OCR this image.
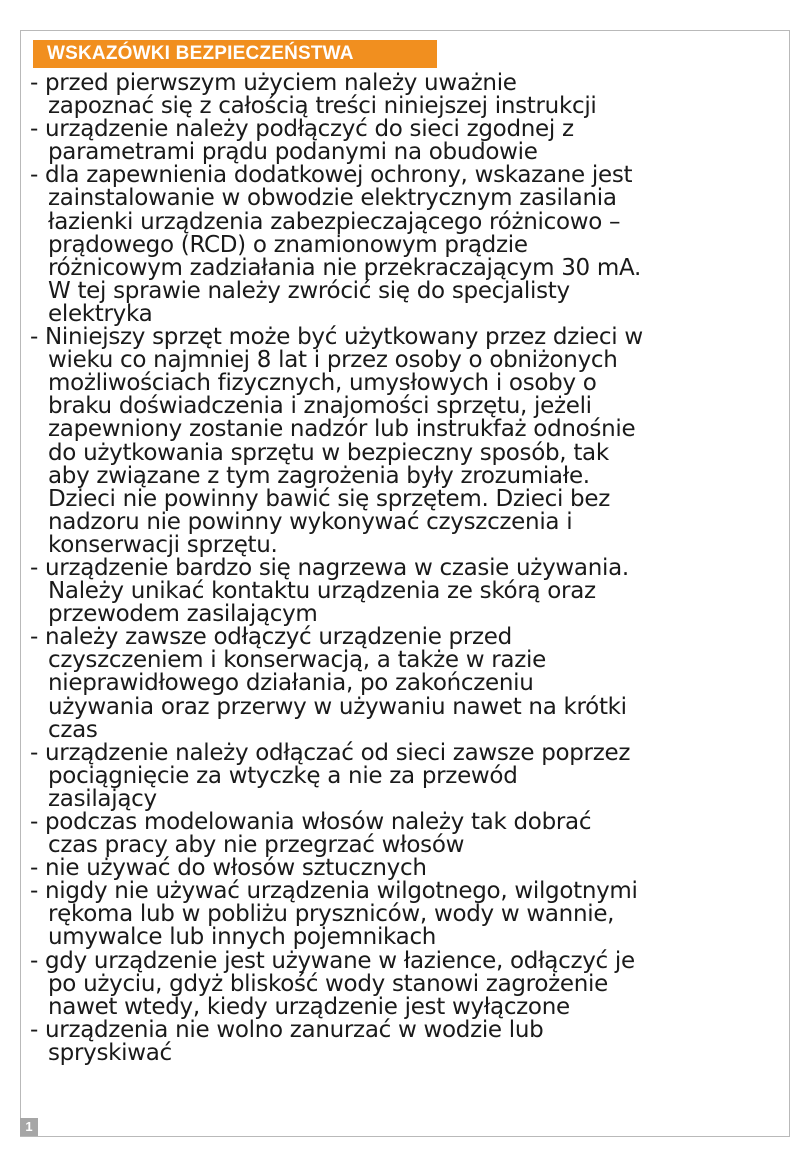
WSKAZÓWKI BEZPIECZEŃSTWA
- przed pierwszym użyciem należy uważnie
zapoznać się z całością treści niniejszej instrukcji
- urządzenie należy podłączyć do sieci zgodnej z
parametrami prądu podanymi na obudowie
- dla zapewnienia dodatkowej ochrony, wskazane jest
zainstalowanie w obwodzie elektrycznym zasilania
łazienki urządzenia zabezpieczającego różnicowo –
prądowego (RCD) o znamionowym prądzie
różnicowym zadziałania nie przekraczającym 30 mA.
W tej sprawie należy zwrócić się do specjalisty
elektryka
- Niniejszy sprzęt może być użytkowany przez dzieci w
wieku co najmniej 8 lat i przez osoby o obniżonych
możliwościach fizycznych, umysłowych i osoby o
braku doświadczenia i znajomości sprzętu, jeżeli
zapewniony zostanie nadzór lub instrukfaż odnośnie
do użytkowania sprzętu w bezpieczny sposób, tak
aby związane z tym zagrożenia były zrozumiałe.
Dzieci nie powinny bawić się sprzętem. Dzieci bez
nadzoru nie powinny wykonywać czyszczenia i
konserwacji sprzętu.
- urządzenie bardzo się nagrzewa w czasie używania.
Należy unikać kontaktu urządzenia ze skórą oraz
przewodem zasilającym
- należy zawsze odłączyć urządzenie przed
czyszczeniem i konserwacją, a także w razie
nieprawidłowego działania, po zakończeniu
używania oraz przerwy w używaniu nawet na krótki
czas
- urządzenie należy odłączać od sieci zawsze poprzez
pociągnięcie za wtyczkę a nie za przewód
zasilający
- podczas modelowania włosów należy tak dobrać
czas pracy aby nie przegrzać włosów
- nie używać do włosów sztucznych
- nigdy nie używać urządzenia wilgotnego, wilgotnymi
rękoma lub w pobliżu pryszniców, wody w wannie,
umywalce lub innych pojemnikach
- gdy urządzenie jest używane w łazience, odłączyć je
po użyciu, gdyż bliskość wody stanowi zagrożenie
nawet wtedy, kiedy urządzenie jest wyłączone
- urządzenia nie wolno zanurzać w wodzie lub
spryskiwać
1
